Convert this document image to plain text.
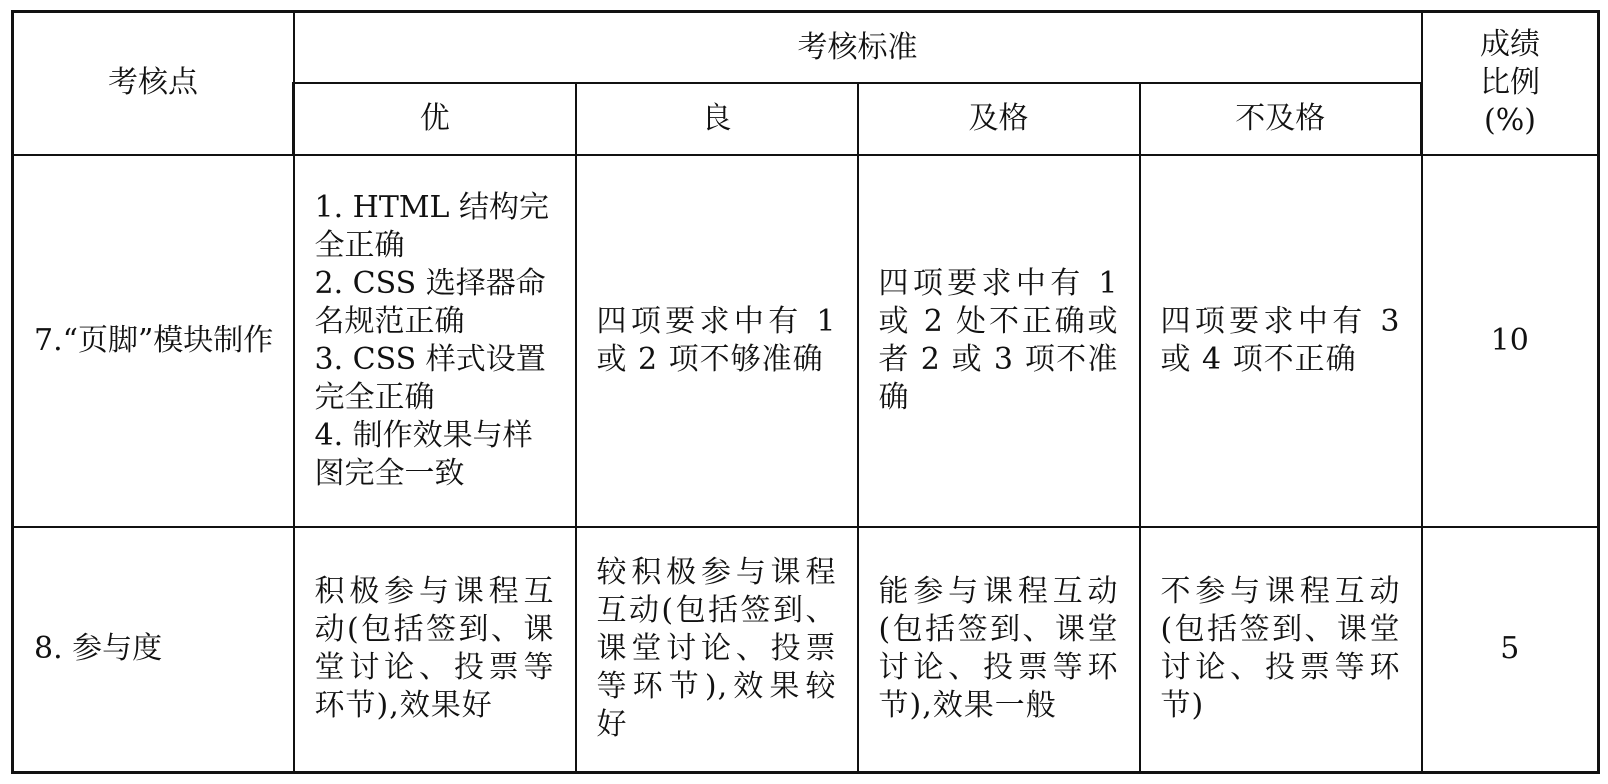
考核点	考核标准				成绩
比例
(%)
	优	良	及格	不及格	
7.“页脚”模块制作	1. HTML 结构完全正确
2. CSS 选择器命名规范正确
3. CSS 样式设置完全正确
4. 制作效果与样图完全一致	四项要求中有 1 或 2 项不够准确	四项要求中有 1 或 2 处不正确或者 2 或 3 项不准确	四项要求中有 3 或 4 项不正确	10
8. 参与度	积极参与课程互动(包括签到、课堂讨论、投票等环节),效果好	较积极参与课程互动(包括签到、课堂讨论、投票等环节),效果较好	能参与课程互动(包括签到、课堂讨论、投票等环节),效果一般	不参与课程互动(包括签到、课堂讨论、投票等环节)	5
